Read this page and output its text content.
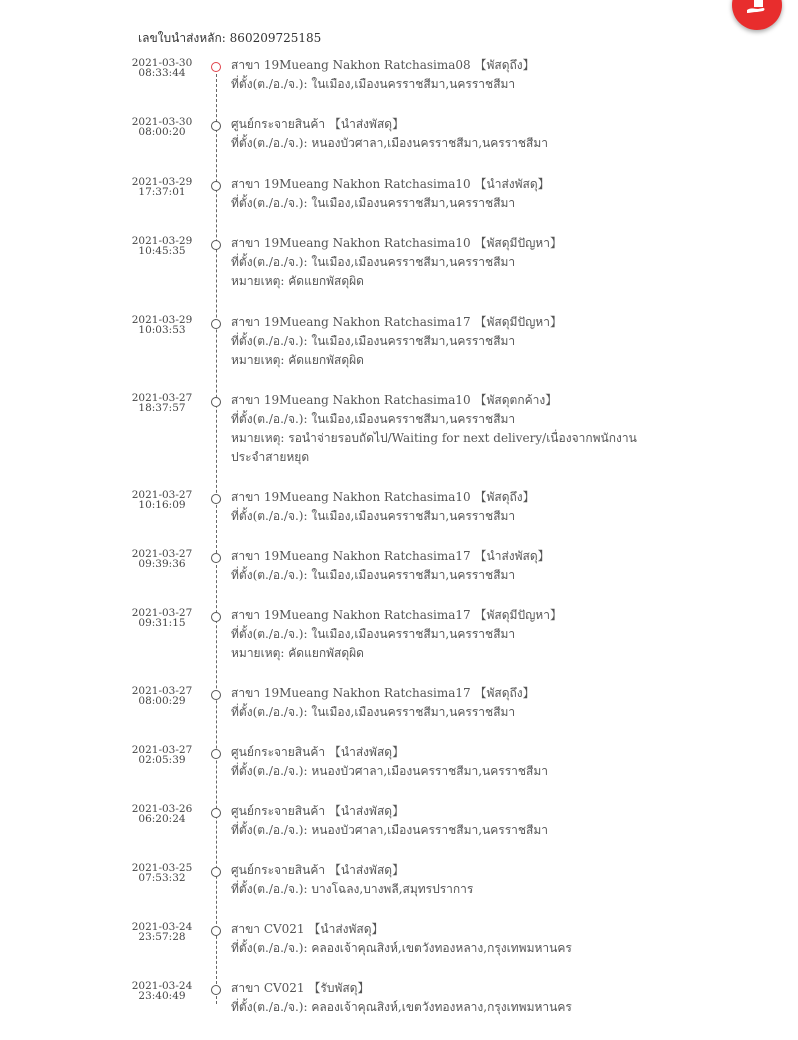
เลขใบนำส่งหลัก: 860209725185
2021-03-30
08:33:44
สาขา 19Mueang Nakhon Ratchasima08 【พัสดุถึง】
ที่ตั้ง(ต./อ./จ.): ในเมือง,เมืองนครราชสีมา,นครราชสีมา
2021-03-30
08:00:20
ศูนย์กระจายสินค้า 【นำส่งพัสดุ】
ที่ตั้ง(ต./อ./จ.): หนองบัวศาลา,เมืองนครราชสีมา,นครราชสีมา
2021-03-29
17:37:01
สาขา 19Mueang Nakhon Ratchasima10 【นำส่งพัสดุ】
ที่ตั้ง(ต./อ./จ.): ในเมือง,เมืองนครราชสีมา,นครราชสีมา
2021-03-29
10:45:35
สาขา 19Mueang Nakhon Ratchasima10 【พัสดุมีปัญหา】
ที่ตั้ง(ต./อ./จ.): ในเมือง,เมืองนครราชสีมา,นครราชสีมา
หมายเหตุ: คัดแยกพัสดุผิด
2021-03-29
10:03:53
สาขา 19Mueang Nakhon Ratchasima17 【พัสดุมีปัญหา】
ที่ตั้ง(ต./อ./จ.): ในเมือง,เมืองนครราชสีมา,นครราชสีมา
หมายเหตุ: คัดแยกพัสดุผิด
2021-03-27
18:37:57
สาขา 19Mueang Nakhon Ratchasima10 【พัสดุตกค้าง】
ที่ตั้ง(ต./อ./จ.): ในเมือง,เมืองนครราชสีมา,นครราชสีมา
หมายเหตุ: รอนำจ่ายรอบถัดไป/Waiting for next delivery/เนื่องจากพนักงานประจำสายหยุด
2021-03-27
10:16:09
สาขา 19Mueang Nakhon Ratchasima10 【พัสดุถึง】
ที่ตั้ง(ต./อ./จ.): ในเมือง,เมืองนครราชสีมา,นครราชสีมา
2021-03-27
09:39:36
สาขา 19Mueang Nakhon Ratchasima17 【นำส่งพัสดุ】
ที่ตั้ง(ต./อ./จ.): ในเมือง,เมืองนครราชสีมา,นครราชสีมา
2021-03-27
09:31:15
สาขา 19Mueang Nakhon Ratchasima17 【พัสดุมีปัญหา】
ที่ตั้ง(ต./อ./จ.): ในเมือง,เมืองนครราชสีมา,นครราชสีมา
หมายเหตุ: คัดแยกพัสดุผิด
2021-03-27
08:00:29
สาขา 19Mueang Nakhon Ratchasima17 【พัสดุถึง】
ที่ตั้ง(ต./อ./จ.): ในเมือง,เมืองนครราชสีมา,นครราชสีมา
2021-03-27
02:05:39
ศูนย์กระจายสินค้า 【นำส่งพัสดุ】
ที่ตั้ง(ต./อ./จ.): หนองบัวศาลา,เมืองนครราชสีมา,นครราชสีมา
2021-03-26
06:20:24
ศูนย์กระจายสินค้า 【นำส่งพัสดุ】
ที่ตั้ง(ต./อ./จ.): หนองบัวศาลา,เมืองนครราชสีมา,นครราชสีมา
2021-03-25
07:53:32
ศูนย์กระจายสินค้า 【นำส่งพัสดุ】
ที่ตั้ง(ต./อ./จ.): บางโฉลง,บางพลี,สมุทรปราการ
2021-03-24
23:57:28
สาขา CV021 【นำส่งพัสดุ】
ที่ตั้ง(ต./อ./จ.): คลองเจ้าคุณสิงห์,เขตวังทองหลาง,กรุงเทพมหานคร
2021-03-24
23:40:49
สาขา CV021 【รับพัสดุ】
ที่ตั้ง(ต./อ./จ.): คลองเจ้าคุณสิงห์,เขตวังทองหลาง,กรุงเทพมหานคร
